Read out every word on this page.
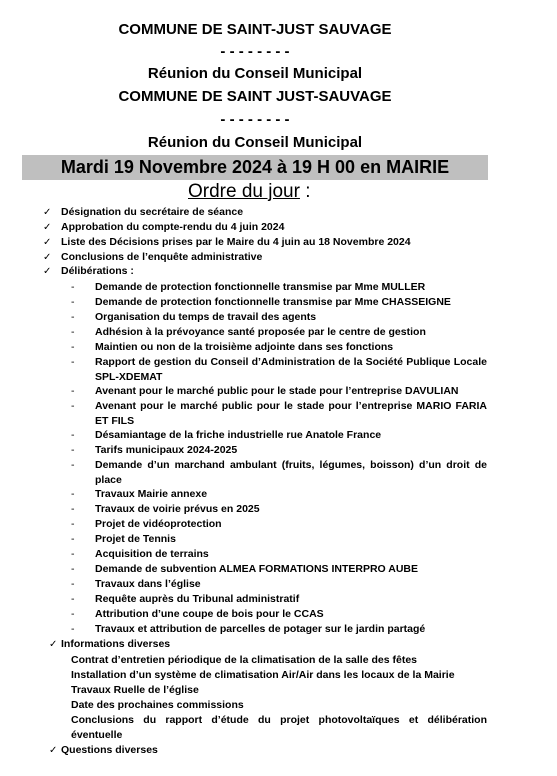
COMMUNE DE SAINT-JUST SAUVAGE
- - - - - - - -
Réunion du Conseil Municipal
COMMUNE DE SAINT JUST-SAUVAGE
- - - - - - - -
Réunion du Conseil Municipal
Mardi 19 Novembre 2024 à 19 H 00 en MAIRIE
Ordre du jour :
✓ Désignation du secrétaire de séance
✓ Approbation du compte-rendu du 4 juin 2024
✓ Liste des Décisions prises par le Maire du 4 juin au 18 Novembre 2024
✓ Conclusions de l’enquête administrative
✓ Délibérations :
- Demande de protection fonctionnelle transmise par Mme MULLER
- Demande de protection fonctionnelle transmise par Mme CHASSEIGNE
- Organisation du temps de travail des agents
- Adhésion à la prévoyance santé proposée par le centre de gestion
- Maintien ou non de la troisième adjointe dans ses fonctions
- Rapport de gestion du Conseil d’Administration de la Société Publique Locale SPL-XDEMAT
- Avenant pour le marché public pour le stade pour l’entreprise DAVULIAN
- Avenant pour le marché public pour le stade pour l’entreprise MARIO FARIA ET FILS
- Désamiantage de la friche industrielle rue Anatole France
- Tarifs municipaux 2024-2025
- Demande d’un marchand ambulant (fruits, légumes, boisson) d’un droit de place
- Travaux Mairie annexe
- Travaux de voirie prévus en 2025
- Projet de vidéoprotection
- Projet de Tennis
- Acquisition de terrains
- Demande de subvention ALMEA FORMATIONS INTERPRO AUBE
- Travaux dans l’église
- Requête auprès du Tribunal administratif
- Attribution d’une coupe de bois pour le CCAS
- Travaux et attribution de parcelles de potager sur le jardin partagé
✓ Informations diverses
Contrat d’entretien périodique de la climatisation de la salle des fêtes
Installation d’un système de climatisation Air/Air dans les locaux de la Mairie
Travaux Ruelle de l’église
Date des prochaines commissions
Conclusions du rapport d’étude du projet photovoltaïques et délibération éventuelle
✓ Questions diverses
